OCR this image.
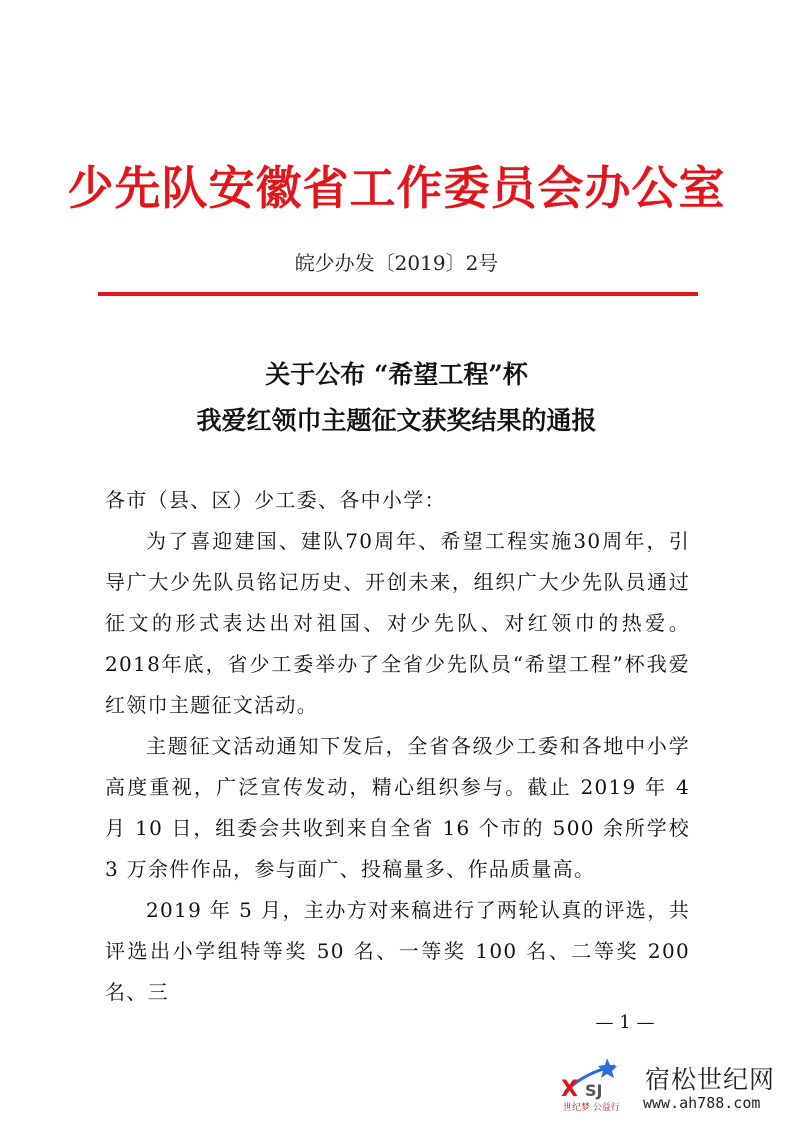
少先队安徽省工作委员会办公室
皖少办发〔2019〕2号
关于公布 “希望工程”杯
我爱红领巾主题征文获奖结果的通报

各市（县、区）少工委、各中小学：

为了喜迎建国、建队70周年、希望工程实施30周年，引导广大少先队员铭记历史、开创未来，组织广大少先队员通过征文的形式表达出对祖国、对少先队、对红领巾的热爱。2018年底，省少工委举办了全省少先队员“希望工程”杯我爱红领巾主题征文活动。

主题征文活动通知下发后，全省各级少工委和各地中小学高度重视，广泛宣传发动，精心组织参与。截止 2019 年 4 月 10 日，组委会共收到来自全省 16 个市的 500 余所学校 3 万余件作品，参与面广、投稿量多、作品质量高。

2019 年 5 月，主办方对来稿进行了两轮认真的评选，共评选出小学组特等奖 50 名、一等奖 100 名、二等奖 200 名、三

— 1 —
X SJ
世纪梦 公益行
宿松世纪网
www.ah788.com
